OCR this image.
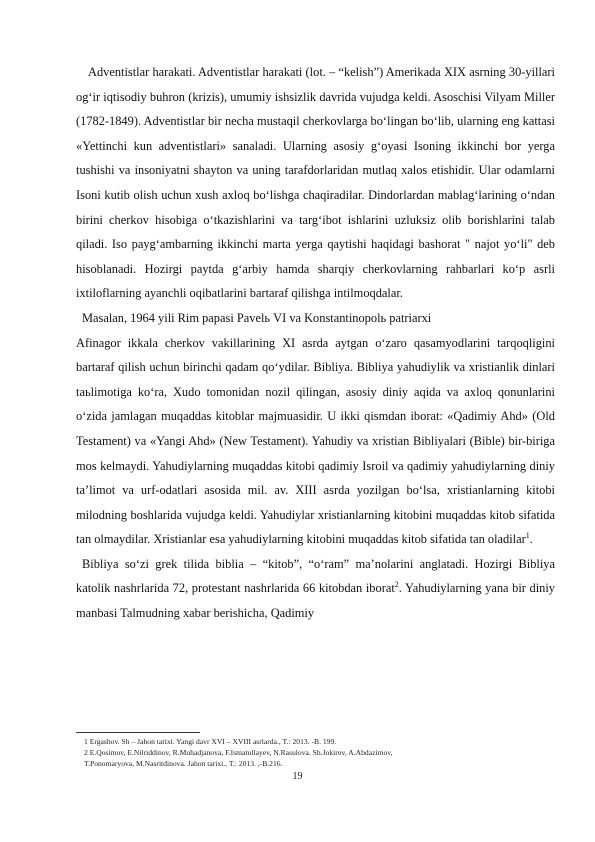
Adventistlar harakati. Adventistlar harakati (lot. – “kelish”) Amerikada XIX asrning 30-yillari og‘ir iqtisodiy buhron (krizis), umumiy ishsizlik davrida vujudga keldi. Asoschisi Vilyam Miller (1782-1849). Adventistlar bir necha mustaqil cherkovlarga bo‘lingan bo‘lib, ularning eng kattasi «Yettinchi kun adventistlari» sanaladi. Ularning asosiy g‘oyasi Isoning ikkinchi bor yerga tushishi va insoniyatni shayton va uning tarafdorlaridan mutlaq xalos etishidir. Ular odamlarni Isoni kutib olish uchun xush axloq bo‘lishga chaqiradilar. Dindorlardan mablag‘larining o‘ndan birini cherkov hisobiga o‘tkazishlarini va targ‘ibot ishlarini uzluksiz olib borishlarini talab qiladi. Iso payg‘ambarning ikkinchi marta yerga qaytishi haqidagi bashorat " najot yo‘li" deb hisoblanadi. Hozirgi paytda g‘arbiy hamda sharqiy cherkovlarning rahbarlari ko‘p asrli ixtiloflarning ayanchli oqibatlarini bartaraf qilishga intilmoqdalar.

Masalan, 1964 yili Rim papasi Pavelь VI va Konstantinopolь patriarxi

Afinagor ikkala cherkov vakillarining XI asrda aytgan o‘zaro qasamyodlarini tarqoqligini bartaraf qilish uchun birinchi qadam qo‘ydilar. Bibliya. Bibliya yahudiylik va xristianlik dinlari taьlimotiga ko‘ra, Xudo tomonidan nozil qilingan, asosiy diniy aqida va axloq qonunlarini o‘zida jamlagan muqaddas kitoblar majmuasidir. U ikki qismdan iborat: «Qadimiy Ahd» (Old Testament) va «Yangi Ahd» (New Testament). Yahudiy va xristian Bibliyalari (Bible) bir-biriga mos kelmaydi. Yahudiylarning muqaddas kitobi qadimiy Isroil va qadimiy yahudiylarning diniy ta’limot va urf-odatlari asosida mil. av. XIII asrda yozilgan bo‘lsa, xristianlarning kitobi milodning boshlarida vujudga keldi. Yahudiylar xristianlarning kitobini muqaddas kitob sifatida tan olmaydilar. Xristianlar esa yahudiylarning kitobini muqaddas kitob sifatida tan oladilar$^1$.

Bibliya so‘zi grek tilida biblia – “kitob”, “o‘ram” ma’nolarini anglatadi. Hozirgi Bibliya katolik nashrlarida 72, protestant nashrlarida 66 kitobdan iborat$^2$. Yahudiylarning yana bir diniy manbasi Talmudning xabar berishicha, Qadimiy

1 Ergashov. Sh – Jahon tarixi. Yangi davr XVI – XVIII asrlarda., T.: 2013. -B. 199.

2 E.Qosimov, E.Nilriddinov, R.Muhadjanova, F.Ismatullayev, N.Rasulova. Sh.Jokirov, A.Abdazimov,

T.Ponomaryova, M.Nasritdinova. Jahon tarixi., T.: 2013. ,-B.216.

19
